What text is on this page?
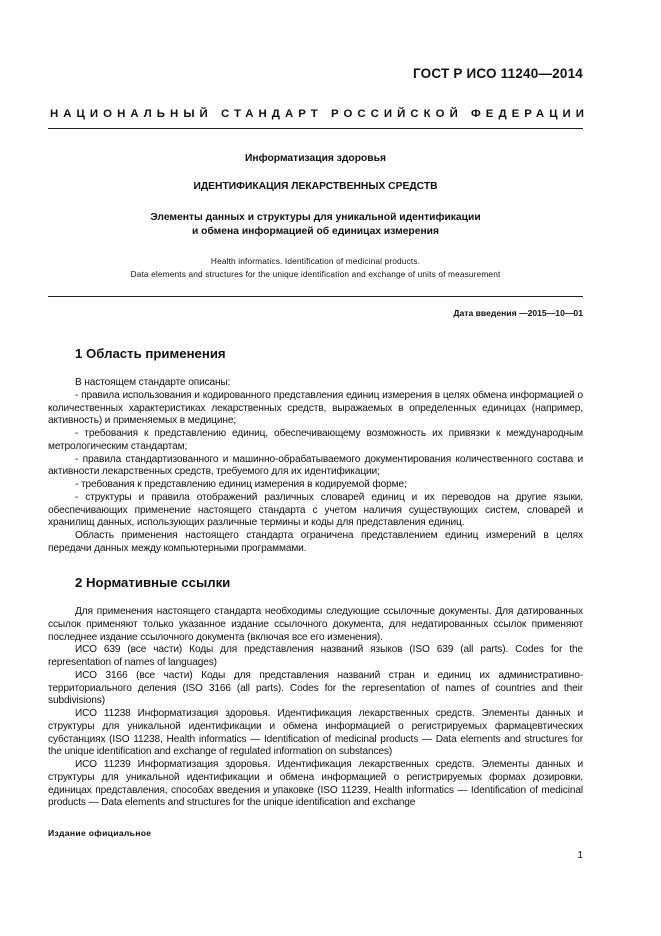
ГОСТ Р ИСО 11240—2014
НАЦИОНАЛЬНЫЙ СТАНДАРТ РОССИЙСКОЙ ФЕДЕРАЦИИ
Информатизация здоровья
ИДЕНТИФИКАЦИЯ ЛЕКАРСТВЕННЫХ СРЕДСТВ
Элементы данных и структуры для уникальной идентификации
и обмена информацией об единицах измерения
Health informatics. Identification of medicinal products.
Data elements and structures for the unique identification and exchange of units of measurement
Дата введения —2015—10—01
1 Область применения

В настоящем стандарте описаны:

- правила использования и кодированного представления единиц измерения в целях обмена информацией о количественных характеристиках лекарственных средств, выражаемых в определенных единицах (например, активность) и применяемых в медицине;

- требования к представлению единиц, обеспечивающему возможность их привязки к международным метрологическим стандартам;

- правила стандартизованного и машинно-обрабатываемого документирования количественного состава и активности лекарственных средств, требуемого для их идентификации;

- требования к представлению единиц измерения в кодируемой форме;

- структуры и правила отображений различных словарей единиц и их переводов на другие языки, обеспечивающих применение настоящего стандарта с учетом наличия существующих систем, словарей и хранилищ данных, использующих различные термины и коды для представления единиц.

Область применения настоящего стандарта ограничена представлением единиц измерений в целях передачи данных между компьютерными программами.

2 Нормативные ссылки

Для применения настоящего стандарта необходимы следующие ссылочные документы. Для датированных ссылок применяют только указанное издание ссылочного документа, для недатированных ссылок применяют последнее издание ссылочного документа (включая все его изменения).

ИСО 639 (все части) Коды для представления названий языков (ISO 639 (all parts). Codes for the representation of names of languages)

ИСО 3166 (все части) Коды для представления названий стран и единиц их административно-территориального деления (ISO 3166 (all parts). Codes for the representation of names of countries and their subdivisions)

ИСО 11238 Информатизация здоровья. Идентификация лекарственных средств. Элементы данных и структуры для уникальной идентификации и обмена информацией о регистрируемых фармацевтических субстанциях (ISO 11238, Health informatics — Identification of medicinal products — Data elements and structures for the unique identification and exchange of regulated information on substances)

ИСО 11239 Информатизация здоровья. Идентификация лекарственных средств. Элементы данных и структуры для уникальной идентификации и обмена информацией о регистрируемых формах дозировки, единицах представления, способах введения и упаковке (ISO 11239, Health informatics — Identification of medicinal products — Data elements and structures for the unique identification and exchange

Издание официальное
1
